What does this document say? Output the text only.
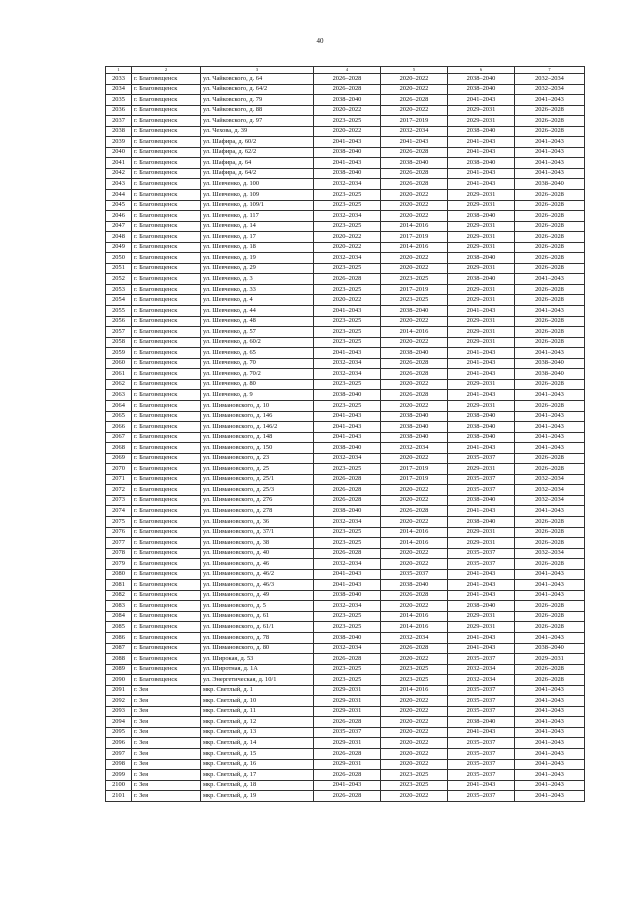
40
1	2	3	4	5	6	7
2033	г. Благовещенск	ул. Чайковского, д. 64	2026–2028	2020–2022	2038–2040	2032–2034
2034	г. Благовещенск	ул. Чайковского, д. 64/2	2026–2028	2020–2022	2038–2040	2032–2034
2035	г. Благовещенск	ул. Чайковского, д. 79	2038–2040	2026–2028	2041–2043	2041–2043
2036	г. Благовещенск	ул. Чайковского, д. 88	2020–2022	2020–2022	2029–2031	2026–2028
2037	г. Благовещенск	ул. Чайковского, д. 97	2023–2025	2017–2019	2029–2031	2026–2028
2038	г. Благовещенск	ул. Чехова, д. 39	2020–2022	2032–2034	2038–2040	2026–2028
2039	г. Благовещенск	ул. Шафира, д. 60/2	2041–2043	2041–2043	2041–2043	2041–2043
2040	г. Благовещенск	ул. Шафира, д. 62/2	2038–2040	2026–2028	2041–2043	2041–2043
2041	г. Благовещенск	ул. Шафира, д. 64	2041–2043	2038–2040	2038–2040	2041–2043
2042	г. Благовещенск	ул. Шафира, д. 64/2	2038–2040	2026–2028	2041–2043	2041–2043
2043	г. Благовещенск	ул. Шевченко, д. 100	2032–2034	2026–2028	2041–2043	2038–2040
2044	г. Благовещенск	ул. Шевченко, д. 109	2023–2025	2020–2022	2029–2031	2026–2028
2045	г. Благовещенск	ул. Шевченко, д. 109/1	2023–2025	2020–2022	2029–2031	2026–2028
2046	г. Благовещенск	ул. Шевченко, д. 117	2032–2034	2020–2022	2038–2040	2026–2028
2047	г. Благовещенск	ул. Шевченко, д. 14	2023–2025	2014–2016	2029–2031	2026–2028
2048	г. Благовещенск	ул. Шевченко, д. 17	2020–2022	2017–2019	2029–2031	2026–2028
2049	г. Благовещенск	ул. Шевченко, д. 18	2020–2022	2014–2016	2029–2031	2026–2028
2050	г. Благовещенск	ул. Шевченко, д. 19	2032–2034	2020–2022	2038–2040	2026–2028
2051	г. Благовещенск	ул. Шевченко, д. 29	2023–2025	2020–2022	2029–2031	2026–2028
2052	г. Благовещенск	ул. Шевченко, д. 3	2026–2028	2023–2025	2038–2040	2041–2043
2053	г. Благовещенск	ул. Шевченко, д. 33	2023–2025	2017–2019	2029–2031	2026–2028
2054	г. Благовещенск	ул. Шевченко, д. 4	2020–2022	2023–2025	2029–2031	2026–2028
2055	г. Благовещенск	ул. Шевченко, д. 44	2041–2043	2038–2040	2041–2043	2041–2043
2056	г. Благовещенск	ул. Шевченко, д. 48	2023–2025	2020–2022	2029–2031	2026–2028
2057	г. Благовещенск	ул. Шевченко, д. 57	2023–2025	2014–2016	2029–2031	2026–2028
2058	г. Благовещенск	ул. Шевченко, д. 60/2	2023–2025	2020–2022	2029–2031	2026–2028
2059	г. Благовещенск	ул. Шевченко, д. 65	2041–2043	2038–2040	2041–2043	2041–2043
2060	г. Благовещенск	ул. Шевченко, д. 70	2032–2034	2026–2028	2041–2043	2038–2040
2061	г. Благовещенск	ул. Шевченко, д. 70/2	2032–2034	2026–2028	2041–2043	2038–2040
2062	г. Благовещенск	ул. Шевченко, д. 80	2023–2025	2020–2022	2029–2031	2026–2028
2063	г. Благовещенск	ул. Шевченко, д. 9	2038–2040	2026–2028	2041–2043	2041–2043
2064	г. Благовещенск	ул. Шимановского, д. 10	2023–2025	2020–2022	2029–2031	2026–2028
2065	г. Благовещенск	ул. Шимановского, д. 146	2041–2043	2038–2040	2038–2040	2041–2043
2066	г. Благовещенск	ул. Шимановского, д. 146/2	2041–2043	2038–2040	2038–2040	2041–2043
2067	г. Благовещенск	ул. Шимановского, д. 148	2041–2043	2038–2040	2038–2040	2041–2043
2068	г. Благовещенск	ул. Шимановского, д. 150	2038–2040	2032–2034	2041–2043	2041–2043
2069	г. Благовещенск	ул. Шимановского, д. 23	2032–2034	2020–2022	2035–2037	2026–2028
2070	г. Благовещенск	ул. Шимановского, д. 25	2023–2025	2017–2019	2029–2031	2026–2028
2071	г. Благовещенск	ул. Шимановского, д. 25/1	2026–2028	2017–2019	2035–2037	2032–2034
2072	г. Благовещенск	ул. Шимановского, д. 25/3	2026–2028	2020–2022	2035–2037	2032–2034
2073	г. Благовещенск	ул. Шимановского, д. 276	2026–2028	2020–2022	2038–2040	2032–2034
2074	г. Благовещенск	ул. Шимановского, д. 278	2038–2040	2026–2028	2041–2043	2041–2043
2075	г. Благовещенск	ул. Шимановского, д. 36	2032–2034	2020–2022	2038–2040	2026–2028
2076	г. Благовещенск	ул. Шимановского, д. 37/1	2023–2025	2014–2016	2029–2031	2026–2028
2077	г. Благовещенск	ул. Шимановского, д. 38	2023–2025	2014–2016	2029–2031	2026–2028
2078	г. Благовещенск	ул. Шимановского, д. 40	2026–2028	2020–2022	2035–2037	2032–2034
2079	г. Благовещенск	ул. Шимановского, д. 46	2032–2034	2020–2022	2035–2037	2026–2028
2080	г. Благовещенск	ул. Шимановского, д. 46/2	2041–2043	2035–2037	2041–2043	2041–2043
2081	г. Благовещенск	ул. Шимановского, д. 46/3	2041–2043	2038–2040	2041–2043	2041–2043
2082	г. Благовещенск	ул. Шимановского, д. 49	2038–2040	2026–2028	2041–2043	2041–2043
2083	г. Благовещенск	ул. Шимановского, д. 5	2032–2034	2020–2022	2038–2040	2026–2028
2084	г. Благовещенск	ул. Шимановского, д. 61	2023–2025	2014–2016	2029–2031	2026–2028
2085	г. Благовещенск	ул. Шимановского, д. 61/1	2023–2025	2014–2016	2029–2031	2026–2028
2086	г. Благовещенск	ул. Шимановского, д. 78	2038–2040	2032–2034	2041–2043	2041–2043
2087	г. Благовещенск	ул. Шимановского, д. 80	2032–2034	2026–2028	2041–2043	2038–2040
2088	г. Благовещенск	ул. Широкая, д. 53	2026–2028	2020–2022	2035–2037	2029–2031
2089	г. Благовещенск	ул. Широтная, д. 1А	2023–2025	2023–2025	2032–2034	2026–2028
2090	г. Благовещенск	ул. Энергетическая, д. 10/1	2023–2025	2023–2025	2032–2034	2026–2028
2091	г. Зея	мкр. Светлый, д. 1	2029–2031	2014–2016	2035–2037	2041–2043
2092	г. Зея	мкр. Светлый, д. 10	2029–2031	2020–2022	2035–2037	2041–2043
2093	г. Зея	мкр. Светлый, д. 11	2029–2031	2020–2022	2035–2037	2041–2043
2094	г. Зея	мкр. Светлый, д. 12	2026–2028	2020–2022	2038–2040	2041–2043
2095	г. Зея	мкр. Светлый, д. 13	2035–2037	2020–2022	2041–2043	2041–2043
2096	г. Зея	мкр. Светлый, д. 14	2029–2031	2020–2022	2035–2037	2041–2043
2097	г. Зея	мкр. Светлый, д. 15	2026–2028	2020–2022	2035–2037	2041–2043
2098	г. Зея	мкр. Светлый, д. 16	2029–2031	2020–2022	2035–2037	2041–2043
2099	г. Зея	мкр. Светлый, д. 17	2026–2028	2023–2025	2035–2037	2041–2043
2100	г. Зея	мкр. Светлый, д. 18	2041–2043	2023–2025	2041–2043	2041–2043
2101	г. Зея	мкр. Светлый, д. 19	2026–2028	2020–2022	2035–2037	2041–2043
